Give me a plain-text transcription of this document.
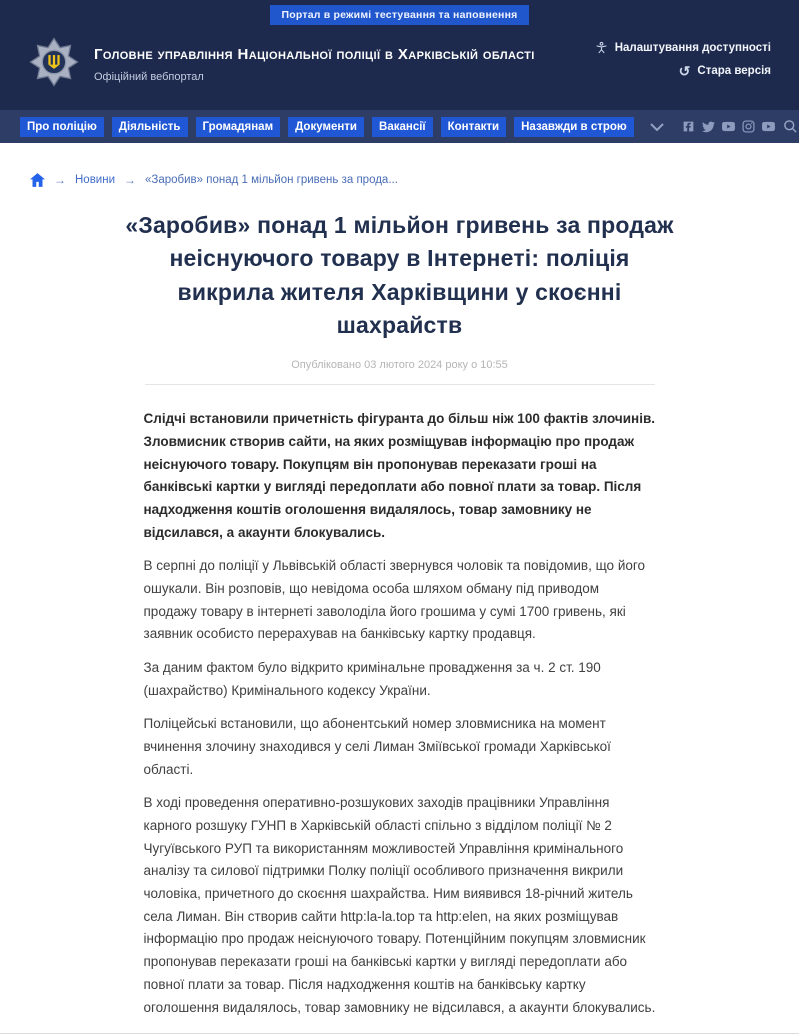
Портал в режимі тестування та наповнення
Головне управління Національної поліції в Харківській області
Офіційний вебпортал
Налаштування доступності
↺ Стара версія
Про поліцію	Діяльність	Громадянам	Документи	Вакансії	Контакти	Назавжди в строю
→ Новини → «Заробив» понад 1 мільйон гривень за прода...
«Заробив» понад 1 мільйон гривень за продаж неіснуючого товару в Інтернеті: поліція викрила жителя Харківщини у скоєнні шахрайств
Опубліковано 03 лютого 2024 року о 10:55

Слідчі встановили причетність фігуранта до більш ніж 100 фактів злочинів. Зловмисник створив сайти, на яких розміщував інформацію про продаж неіснуючого товару. Покупцям він пропонував переказати гроші на банківські картки у вигляді передоплати або повної плати за товар. Після надходження коштів оголошення видалялось, товар замовнику не відсилався, а акаунти блокувались.

В серпні до поліції у Львівській області звернувся чоловік та повідомив, що його ошукали. Він розповів, що невідома особа шляхом обману під приводом продажу товару в інтернеті заволоділа його грошима у сумі 1700 гривень, які заявник особисто перерахував на банківську картку продавця.

За даним фактом було відкрито кримінальне провадження за ч. 2 ст. 190 (шахрайство) Кримінального кодексу України.

Поліцейські встановили, що абонентський номер зловмисника на момент вчинення злочину знаходився у селі Лиман Зміївської громади Харківської області.

В ході проведення оперативно-розшукових заходів працівники Управління карного розшуку ГУНП в Харківській області спільно з відділом поліції № 2 Чугуївського РУП та використанням можливостей Управління кримінального аналізу та силової підтримки Полку поліції особливого призначення викрили чоловіка, причетного до скоєння шахрайства. Ним виявився 18-річний житель села Лиман. Він створив сайти http:la-la.top та http:elen, на яких розміщував інформацію про продаж неіснуючого товару. Потенційним покупцям зловмисник пропонував переказати гроші на банківські картки у вигляді передоплати або повної плати за товар. Після надходження коштів на банківську картку оголошення видалялось, товар замовнику не відсилався, а акаунти блокувались.
